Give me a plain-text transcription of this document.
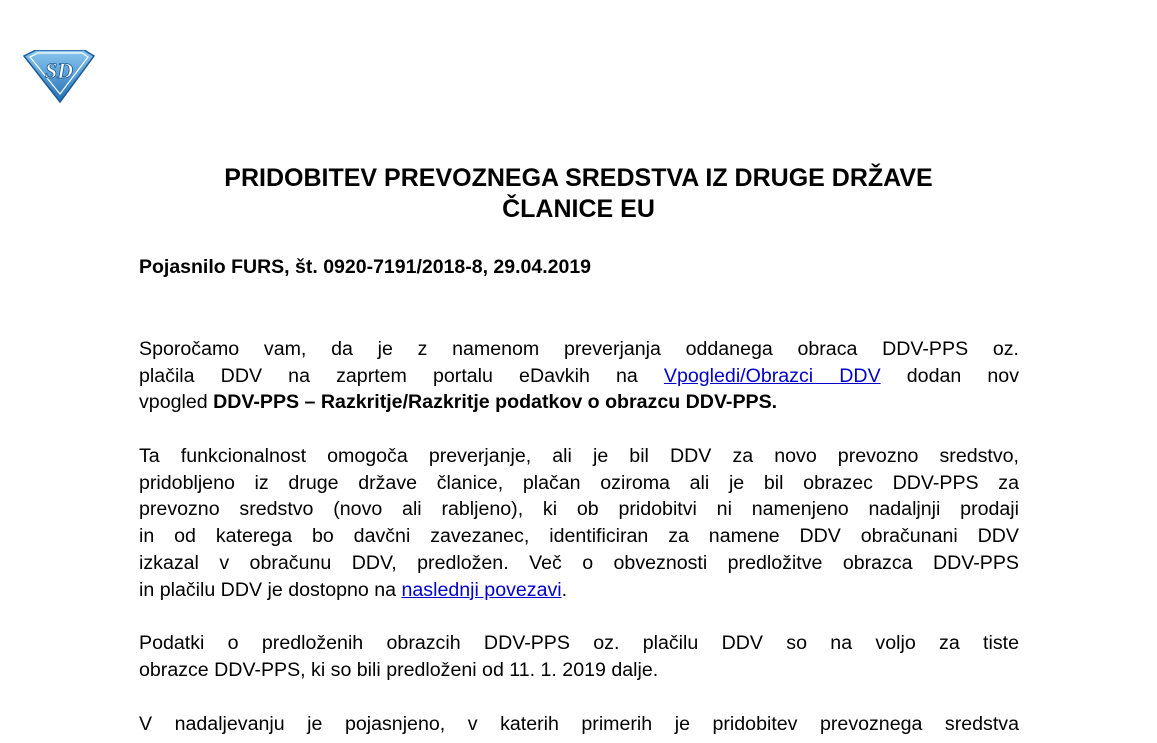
SD
PRIDOBITEV PREVOZNEGA SREDSTVA IZ DRUGE DRŽAVE
ČLANICE EU
Pojasnilo FURS, št. 0920-7191/2018-8, 29.04.2019
Sporočamo vam, da je z namenom preverjanja oddanega obraca DDV-PPS oz.
plačila DDV na zaprtem portalu eDavkih na Vpogledi/Obrazci DDV dodan nov
vpogled DDV-PPS – Razkritje/Razkritje podatkov o obrazcu DDV-PPS.
Ta funkcionalnost omogoča preverjanje, ali je bil DDV za novo prevozno sredstvo,
pridobljeno iz druge države članice, plačan oziroma ali je bil obrazec DDV-PPS za
prevozno sredstvo (novo ali rabljeno), ki ob pridobitvi ni namenjeno nadaljnji prodaji
in od katerega bo davčni zavezanec, identificiran za namene DDV obračunani DDV
izkazal v obračunu DDV, predložen. Več o obveznosti predložitve obrazca DDV-PPS
in plačilu DDV je dostopno na naslednji povezavi.
Podatki o predloženih obrazcih DDV-PPS oz. plačilu DDV so na voljo za tiste
obrazce DDV-PPS, ki so bili predloženi od 11. 1. 2019 dalje.
V nadaljevanju je pojasnjeno, v katerih primerih je pridobitev prevoznega sredstva
